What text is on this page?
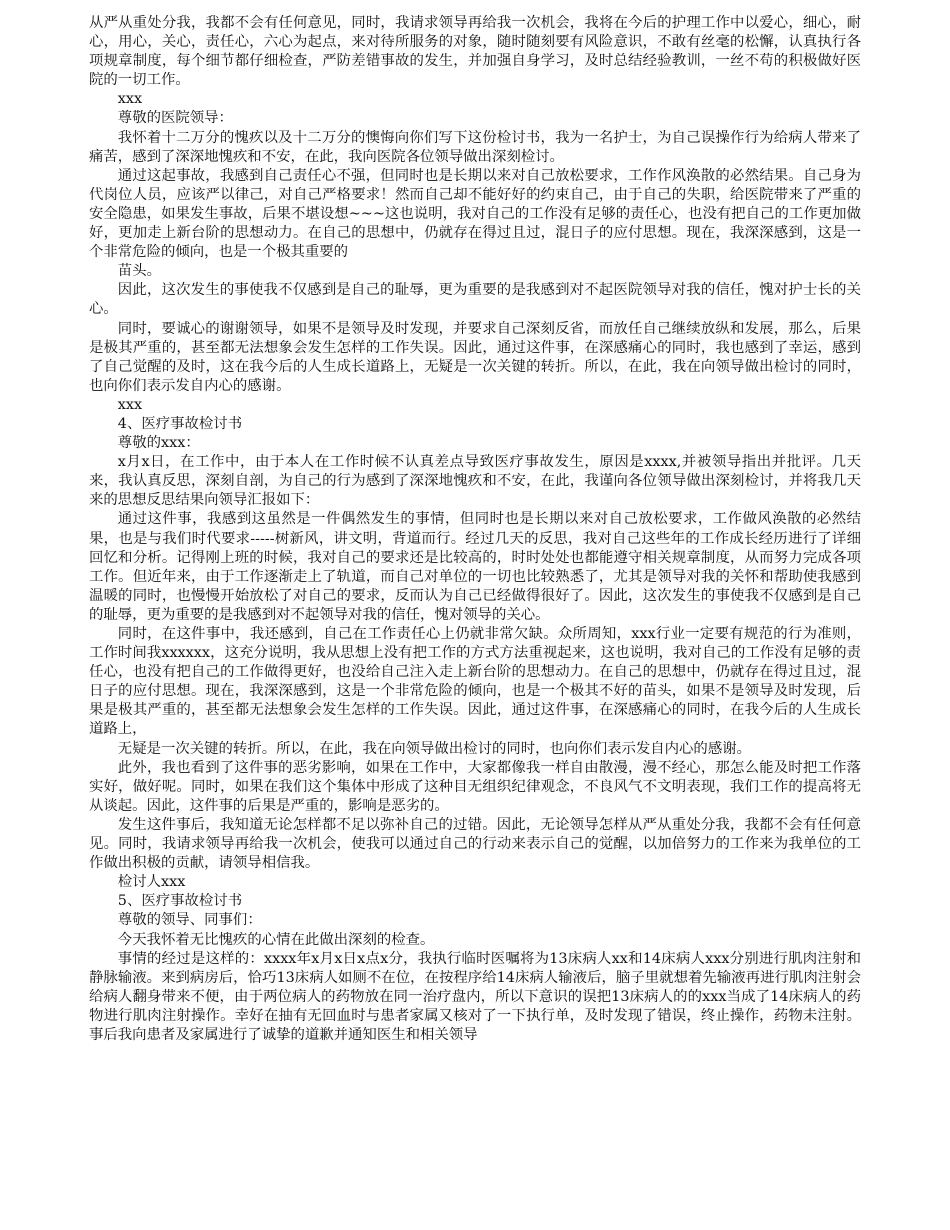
从严从重处分我，我都不会有任何意见，同时，我请求领导再给我一次机会，我将在今后的护理工作中以爱心，细心，耐心，用心，关心，责任心，六心为起点，来对待所服务的对象，随时随刻要有风险意识，不敢有丝毫的松懈，认真执行各项规章制度，每个细节都仔细检查，严防差错事故的发生，并加强自身学习，及时总结经验教训，一丝不苟的积极做好医院的一切工作。

xxx

尊敬的医院领导：

我怀着十二万分的愧疚以及十二万分的懊悔向你们写下这份检讨书，我为一名护士，为自己误操作行为给病人带来了痛苦，感到了深深地愧疚和不安，在此，我向医院各位领导做出深刻检讨。

通过这起事故，我感到自己责任心不强，但同时也是长期以来对自己放松要求，工作作风涣散的必然结果。自己身为代岗位人员，应该严以律己，对自己严格要求！然而自己却不能好好的约束自己，由于自己的失职，给医院带来了严重的安全隐患，如果发生事故，后果不堪设想~~~这也说明，我对自己的工作没有足够的责任心，也没有把自己的工作更加做好，更加走上新台阶的思想动力。在自己的思想中，仍就存在得过且过，混日子的应付思想。现在，我深深感到，这是一个非常危险的倾向，也是一个极其重要的

苗头。

因此，这次发生的事使我不仅感到是自己的耻辱，更为重要的是我感到对不起医院领导对我的信任，愧对护士长的关心。

同时，要诚心的谢谢领导，如果不是领导及时发现，并要求自己深刻反省，而放任自己继续放纵和发展，那么，后果是极其严重的，甚至都无法想象会发生怎样的工作失误。因此，通过这件事，在深感痛心的同时，我也感到了幸运，感到了自己觉醒的及时，这在我今后的人生成长道路上，无疑是一次关键的转折。所以，在此，我在向领导做出检讨的同时，也向你们表示发自内心的感谢。

xxx

4、医疗事故检讨书

尊敬的xxx：

x月x日，在工作中，由于本人在工作时候不认真差点导致医疗事故发生，原因是xxxx,并被领导指出并批评。几天来，我认真反思，深刻自剖，为自己的行为感到了深深地愧疚和不安，在此，我谨向各位领导做出深刻检讨，并将我几天来的思想反思结果向领导汇报如下：

通过这件事，我感到这虽然是一件偶然发生的事情，但同时也是长期以来对自己放松要求，工作做风涣散的必然结果，也是与我们时代要求-----树新风，讲文明，背道而行。经过几天的反思，我对自己这些年的工作成长经历进行了详细回忆和分析。记得刚上班的时候，我对自己的要求还是比较高的，时时处处也都能遵守相关规章制度，从而努力完成各项工作。但近年来，由于工作逐渐走上了轨道，而自己对单位的一切也比较熟悉了，尤其是领导对我的关怀和帮助使我感到温暖的同时，也慢慢开始放松了对自己的要求，反而认为自己已经做得很好了。因此，这次发生的事使我不仅感到是自己的耻辱，更为重要的是我感到对不起领导对我的信任，愧对领导的关心。

同时，在这件事中，我还感到，自己在工作责任心上仍就非常欠缺。众所周知，xxx行业一定要有规范的行为准则，工作时间我xxxxxx，这充分说明，我从思想上没有把工作的方式方法重视起来，这也说明，我对自己的工作没有足够的责任心，也没有把自己的工作做得更好，也没给自己注入走上新台阶的思想动力。在自己的思想中，仍就存在得过且过，混日子的应付思想。现在，我深深感到，这是一个非常危险的倾向，也是一个极其不好的苗头，如果不是领导及时发现，后果是极其严重的，甚至都无法想象会发生怎样的工作失误。因此，通过这件事，在深感痛心的同时，在我今后的人生成长道路上，

无疑是一次关键的转折。所以，在此，我在向领导做出检讨的同时，也向你们表示发自内心的感谢。

此外，我也看到了这件事的恶劣影响，如果在工作中，大家都像我一样自由散漫，漫不经心，那怎么能及时把工作落实好，做好呢。同时，如果在我们这个集体中形成了这种目无组织纪律观念，不良风气不文明表现，我们工作的提高将无从谈起。因此，这件事的后果是严重的，影响是恶劣的。

发生这件事后，我知道无论怎样都不足以弥补自己的过错。因此，无论领导怎样从严从重处分我，我都不会有任何意见。同时，我请求领导再给我一次机会，使我可以通过自己的行动来表示自己的觉醒，以加倍努力的工作来为我单位的工作做出积极的贡献，请领导相信我。

检讨人xxx

5、医疗事故检讨书

尊敬的领导、同事们：

今天我怀着无比愧疚的心情在此做出深刻的检查。

事情的经过是这样的：xxxx年x月x日x点x分，我执行临时医嘱将为13床病人xx和14床病人xxx分别进行肌肉注射和静脉输液。来到病房后，恰巧13床病人如厕不在位，在按程序给14床病人输液后，脑子里就想着先输液再进行肌肉注射会给病人翻身带来不便，由于两位病人的药物放在同一治疗盘内，所以下意识的误把13床病人的的xxx当成了14床病人的药物进行肌肉注射操作。幸好在抽有无回血时与患者家属又核对了一下执行单，及时发现了错误，终止操作，药物未注射。事后我向患者及家属进行了诚挚的道歉并通知医生和相关领导
